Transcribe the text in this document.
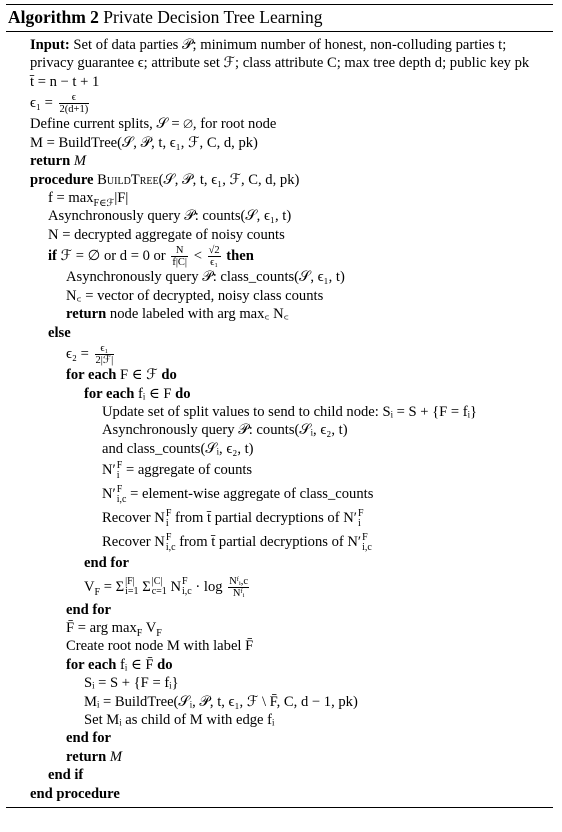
Algorithm 2 Private Decision Tree Learning
Input: Set of data parties 𝒫; minimum number of honest, non-colluding parties t; privacy guarantee ϵ; attribute set ℱ; class attribute C; max tree depth d; public key pk
t̄ = n − t + 1
$\epsilon_1 = \frac{\epsilon}{2(d+1)}$
Define current splits, 𝒮 = ∅, for root node
M = BuildTree(𝒮, 𝒫, t, ϵ₁, ℱ, C, d, pk)
return M
procedure BuildTree(𝒮, 𝒫, t, ϵ₁, ℱ, C, d, pk)
$f = \max_{F\in ℱ}|F|$
Asynchronously query 𝒫: counts(𝒮, ϵ₁, t)
N = decrypted aggregate of noisy counts
if ℱ = ∅ or d = 0 or $\frac{N}{f|C|} < \frac{√2}{\text{ϵ₁}}$ then
Asynchronously query 𝒫: class_counts(𝒮, ϵ₁, t)
N꜀ = vector of decrypted, noisy class counts
return node labeled with arg max꜀ N꜀
else
$\epsilon_2 = \frac{\text{ϵ₁}}{\text{2|ℱ|}}$
for each F ∈ ℱ do
for each fᵢ ∈ F do
Update set of split values to send to child node: Sᵢ = S + {F = fᵢ}
Asynchronously query 𝒫: counts(𝒮ᵢ, ϵ₂, t)
and class_counts(𝒮ᵢ, ϵ₂, t)
N′ F
i = aggregate of counts
N′ F
i,c = element-wise aggregate of class_counts
Recover N F
i from t̄ partial decryptions of N′ F
i
Recover N F
i,c from t̄ partial decryptions of N′ F
i,c
end for
$V_F = \Sigma$ |F|
i=1 Σ |C|
c=1 N F
$i,c \cdot \log \frac{\text{Nᶠᵢ,c}}{\text{Nᶠᵢ}}$
end for
F̄ = arg $\max_F V_F$
Create root node M with label F̄
for each fᵢ ∈ F̄ do
Sᵢ = S + {F = fᵢ}
Mᵢ = BuildTree(𝒮ᵢ, 𝒫, t, ϵ₁, ℱ \ F̄, C, d − 1, pk)
Set Mᵢ as child of M with edge fᵢ
end for
return M
end if
end procedure
